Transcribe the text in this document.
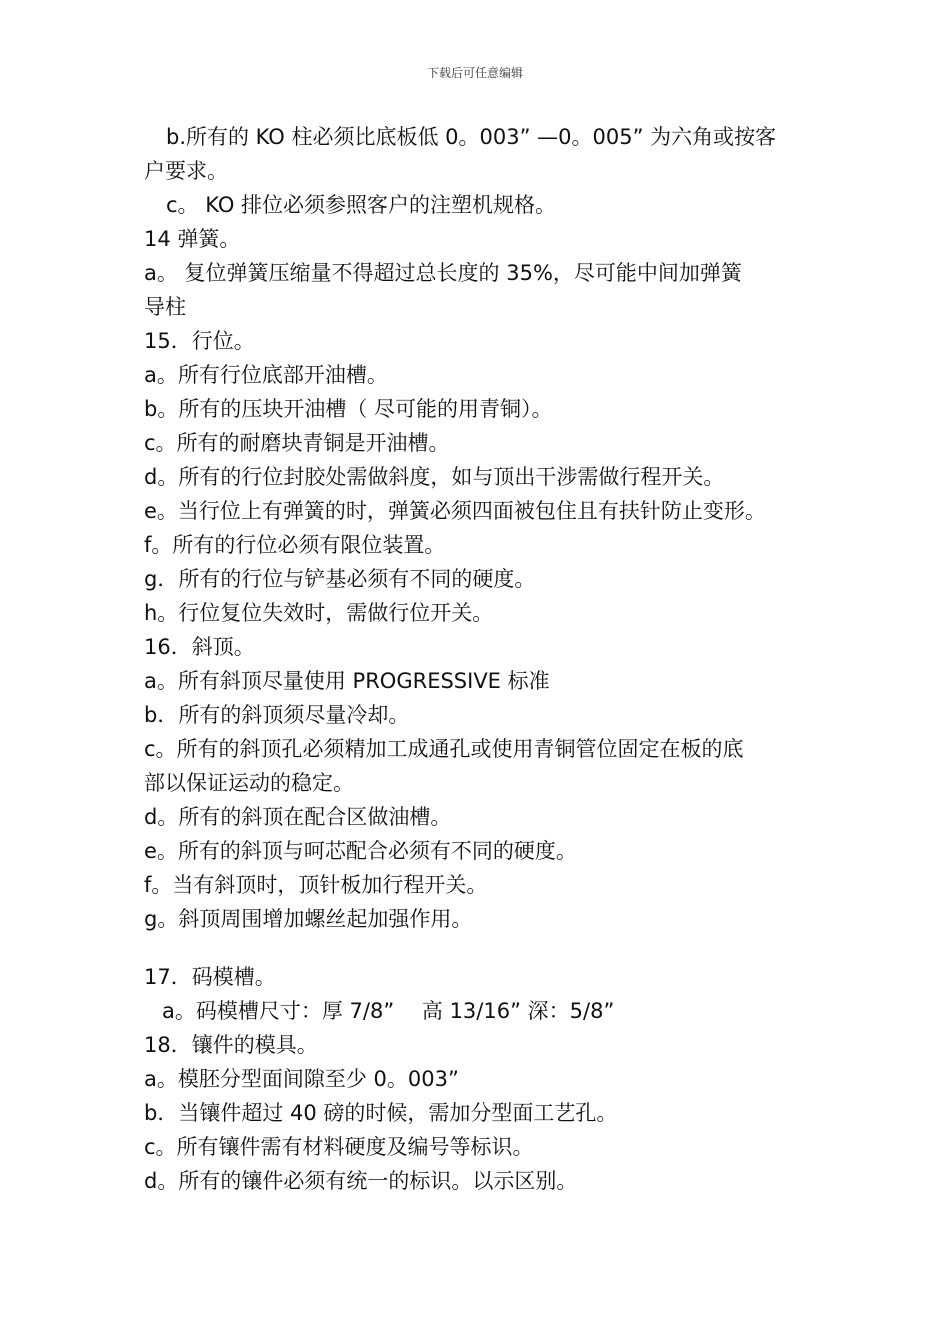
下载后可任意编辑
b.所有的 KO 柱必须比底板低 0。003” —0。005” 为六角或按客
户要求。
c。 KO 排位必须参照客户的注塑机规格。
14 弹簧。
a。 复位弹簧压缩量不得超过总长度的 35%，尽可能中间加弹簧
导柱
15．行位。
a。所有行位底部开油槽。
b。所有的压块开油槽（ 尽可能的用青铜）。
c。所有的耐磨块青铜是开油槽。
d。所有的行位封胶处需做斜度，如与顶出干涉需做行程开关。
e。当行位上有弹簧的时，弹簧必须四面被包住且有扶针防止变形。
f。所有的行位必须有限位装置。
g．所有的行位与铲基必须有不同的硬度。
h。行位复位失效时，需做行位开关。
16．斜顶。
a。所有斜顶尽量使用 PROGRESSIVE 标准
b．所有的斜顶须尽量冷却。
c。所有的斜顶孔必须精加工成通孔或使用青铜管位固定在板的底
部以保证运动的稳定。
d。所有的斜顶在配合区做油槽。
e。所有的斜顶与呵芯配合必须有不同的硬度。
f。当有斜顶时，顶针板加行程开关。
g。斜顶周围增加螺丝起加强作用。
17．码模槽。
a。码模槽尺寸：厚 7/8”　 高 13/16” 深：5/8”
18．镶件的模具。
a。模胚分型面间隙至少 0。003”
b．当镶件超过 40 磅的时候，需加分型面工艺孔。
c。所有镶件需有材料硬度及编号等标识。
d。所有的镶件必须有统一的标识。以示区别。
